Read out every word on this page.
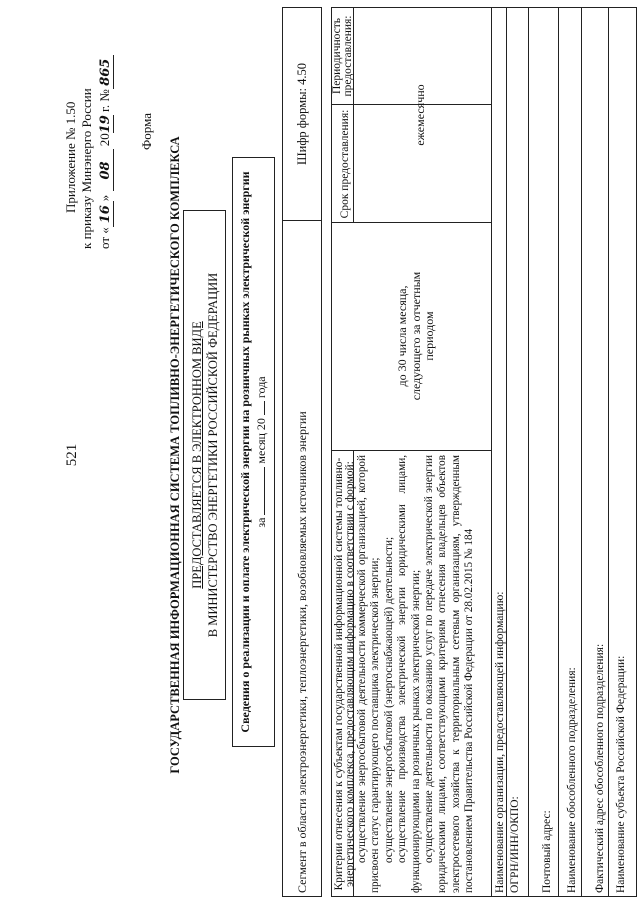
521
Приложение № 1.50 к приказу Минэнерго России от «16» 08 2019 г. №865
Форма
ГОСУДАРСТВЕННАЯ ИНФОРМАЦИОННАЯ СИСТЕМА ТОПЛИВНО-ЭНЕРГЕТИЧЕСКОГО КОМПЛЕКСА ПРЕДОСТАВЛЯЕТСЯ В ЭЛЕКТРОННОМ ВИДЕ В МИНИСТЕРСТВО ЭНЕРГЕТИКИ РОССИЙСКОЙ ФЕДЕРАЦИИ Сведения о реализации и оплате электрической энергии на розничных рынках электрической энергии за  месяц 20  года
Сегмент в области электроэнергетики, теплоэнергетики, возобновляемых источников энергии
Шифр формы: 4.50
Критерии отнесения к субъектам государственной информационной системы топливно-энергетического комплекса, предоставляющим информацию в соответствии с формой:
Срок предоставления:
Периодичность предоставления:
осуществление энергосбытовой деятельности коммерческой организацией, которой присвоен статус гарантирующего поставщика электрической энергии; осуществление энергосбытовой (энергоснабжающей) деятельности; осуществление производства электрической энергии юридическими лицами, функционирующими на розничных рынках электрической энергии; осуществление деятельности по оказанию услуг по передаче электрической энергии юридическими лицами, соответствующими критериям отнесения владельцев объектов электросетевого хозяйства к территориальным сетевым организациям, утвержденным постановлением Правительства Российской Федерации от 28.02.2015 № 184
до 30 числа месяца, следующего за отчетным периодом
ежемесячно
Наименование организации, предоставляющей информацию: ОГРН/ИНН/ОКПО: Почтовый адрес: Наименование обособленного подразделения: Фактический адрес обособленного подразделения: Наименование субъекта Российской Федерации:
